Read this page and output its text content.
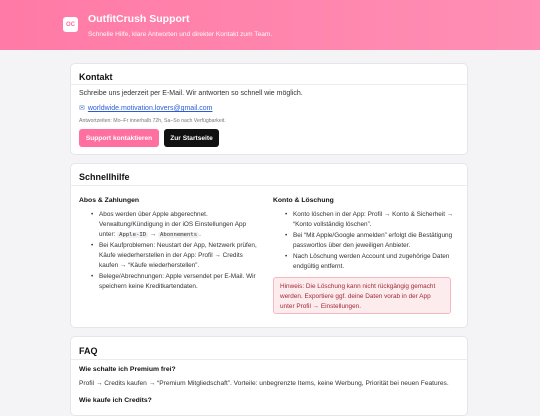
OC OutfitCrush Support
Schnelle Hilfe, klare Antworten und direkter Kontakt zum Team.
Kontakt
Schreibe uns jederzeit per E-Mail. Wir antworten so schnell wie möglich.
✉ worldwide.motivation.lovers@gmail.com
Antwortzeiten: Mo–Fr innerhalb 72h, Sa–So nach Verfügbarkeit.
Support kontaktieren	Zur Startseite
Schnellhilfe
Abos & Zahlungen
• Abos werden über Apple abgerechnet. Verwaltung/Kündigung in der iOS Einstellungen App unter: Apple-ID → Abonnements .
• Bei Kaufproblemen: Neustart der App, Netzwerk prüfen, Käufe wiederherstellen in der App: Profil → Credits kaufen → “Käufe wiederherstellen”.
• Belege/Abrechnungen: Apple versendet per E-Mail. Wir speichern keine Kreditkartendaten.
Konto & Löschung
• Konto löschen in der App: Profil → Konto & Sicherheit → “Konto vollständig löschen”.
• Bei “Mit Apple/Google anmelden” erfolgt die Bestätigung passwortlos über den jeweiligen Anbieter.
• Nach Löschung werden Account und zugehörige Daten endgültig entfernt.
Hinweis: Die Löschung kann nicht rückgängig gemacht werden. Exportiere ggf. deine Daten vorab in der App unter Profil → Einstellungen.
FAQ
Wie schalte ich Premium frei?
Profil → Credits kaufen → “Premium Mitgliedschaft”. Vorteile: unbegrenzte Items, keine Werbung, Priorität bei neuen Features.
Wie kaufe ich Credits?
